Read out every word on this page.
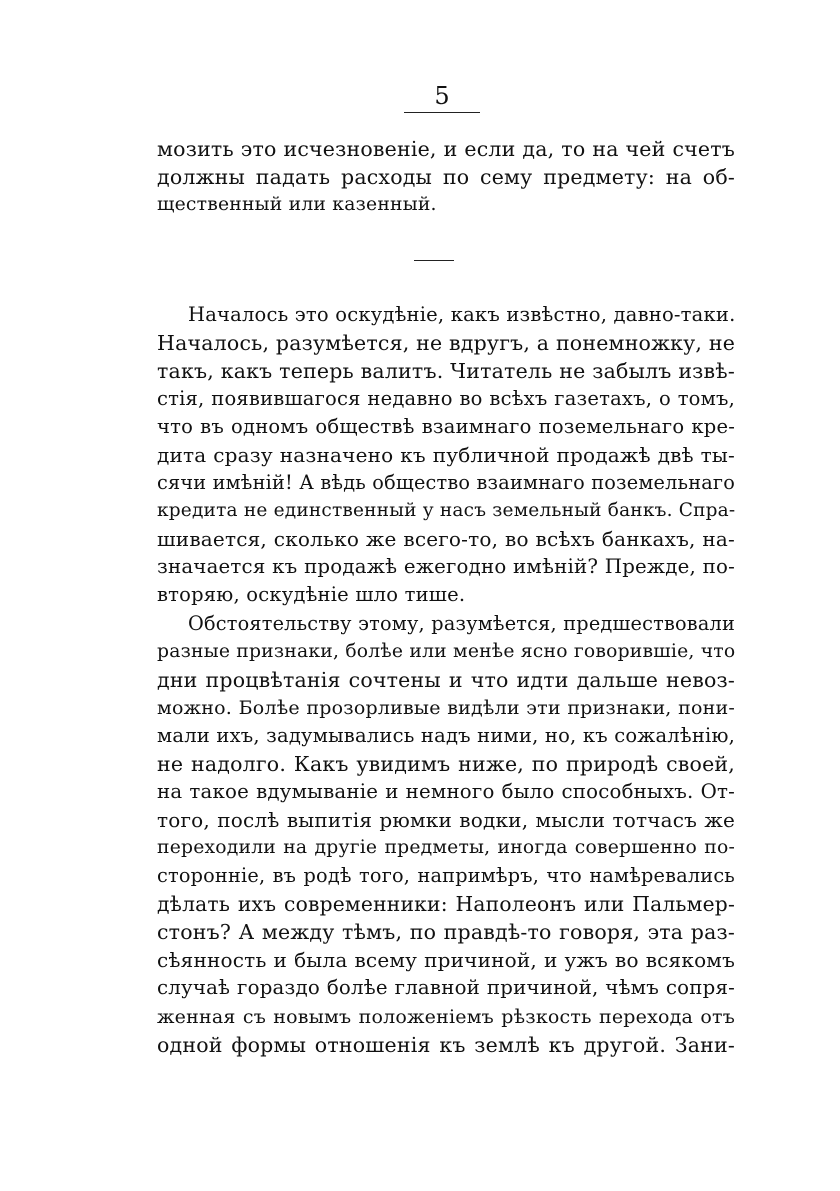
5
мозить это исчезновеніе, и если да, то на чей счетъ
должны падать расходы по сему предмету: на об-
щественный или казенный.
Началось это оскудѣніе, какъ извѣстно, давно-таки.
Началось, разумѣется, не вдругъ, а понемножку, не
такъ, какъ теперь валитъ. Читатель не забылъ извѣ-
стія, появившагося недавно во всѣхъ газетахъ, о томъ,
что въ одномъ обществѣ взаимнаго поземельнаго кре-
дита сразу назначено къ публичной продажѣ двѣ ты-
сячи имѣній! А вѣдь общество взаимнаго поземельнаго
кредита не единственный у насъ земельный банкъ. Спра-
шивается, сколько же всего-то, во всѣхъ банкахъ, на-
значается къ продажѣ ежегодно имѣній? Прежде, по-
вторяю, оскудѣніе шло тише.
Обстоятельству этому, разумѣется, предшествовали
разные признаки, болѣе или менѣе ясно говорившіе, что
дни процвѣтанія сочтены и что идти дальше невоз-
можно. Болѣе прозорливые видѣли эти признаки, пони-
мали ихъ, задумывались надъ ними, но, къ сожалѣнію,
не надолго. Какъ увидимъ ниже, по природѣ своей,
на такое вдумываніе и немного было способныхъ. От-
того, послѣ выпитія рюмки водки, мысли тотчасъ же
переходили на другіе предметы, иногда совершенно по-
стороннie, въ родѣ того, напримѣръ, что намѣревались
дѣлать ихъ современники: Наполеонъ или Пальмер-
стонъ? А между тѣмъ, по правдѣ-то говоря, эта раз-
сѣянность и была всему причиной, и ужъ во всякомъ
случаѣ гораздо болѣе главной причиной, чѣмъ сопря-
женная съ новымъ положеніемъ рѣзкость перехода отъ
одной формы отношенія къ землѣ къ другой. Зани-
